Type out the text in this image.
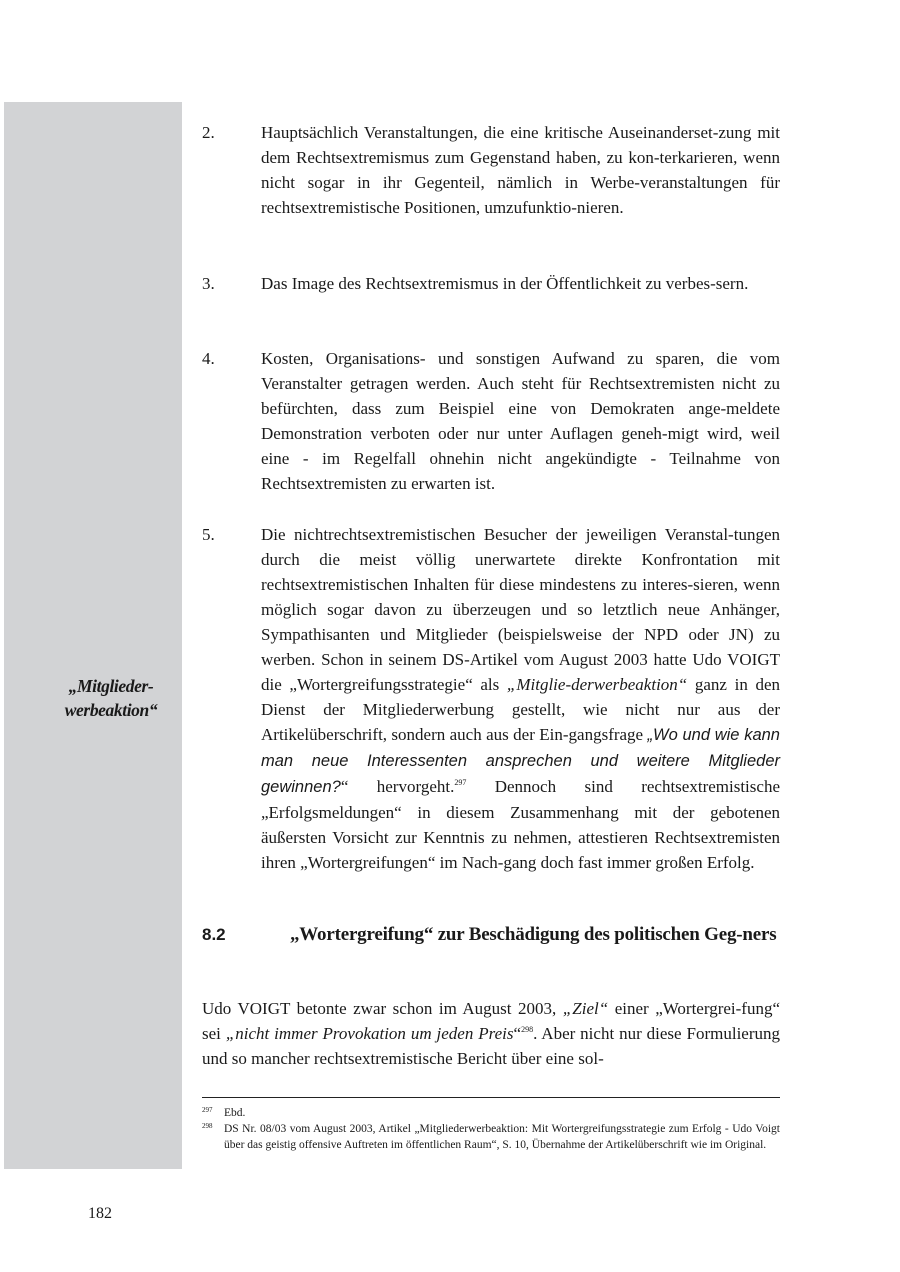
„Mitglieder-
werbeaktion“
2.	Hauptsächlich Veranstaltungen, die eine kritische Auseinanderset-zung mit dem Rechtsextremismus zum Gegenstand haben, zu kon-terkarieren, wenn nicht sogar in ihr Gegenteil, nämlich in Werbe-veranstaltungen für rechtsextremistische Positionen, umzufunktio-nieren.
3.	Das Image des Rechtsextremismus in der Öffentlichkeit zu verbes-sern.
4.	Kosten, Organisations- und sonstigen Aufwand zu sparen, die vom Veranstalter getragen werden. Auch steht für Rechtsextremisten nicht zu befürchten, dass zum Beispiel eine von Demokraten ange-meldete Demonstration verboten oder nur unter Auflagen geneh-migt wird, weil eine - im Regelfall ohnehin nicht angekündigte - Teilnahme von Rechtsextremisten zu erwarten ist.
5.	Die nichtrechtsextremistischen Besucher der jeweiligen Veranstal-tungen durch die meist völlig unerwartete direkte Konfrontation mit rechtsextremistischen Inhalten für diese mindestens zu interes-sieren, wenn möglich sogar davon zu überzeugen und so letztlich neue Anhänger, Sympathisanten und Mitglieder (beispielsweise der NPD oder JN) zu werben. Schon in seinem DS-Artikel vom August 2003 hatte Udo VOIGT die „Wortergreifungsstrategie“ als „Mitglie-derwerbeaktion“ ganz in den Dienst der Mitgliederwerbung gestellt, wie nicht nur aus der Artikelüberschrift, sondern auch aus der Ein-gangsfrage „Wo und wie kann man neue Interessenten ansprechen und weitere Mitglieder gewinnen?“ hervorgeht.$^{297}$ Dennoch sind rechtsextremistische „Erfolgsmeldungen“ in diesem Zusammenhang mit der gebotenen äußersten Vorsicht zur Kenntnis zu nehmen, attestieren Rechtsextremisten ihren „Wortergreifungen“ im Nach-gang doch fast immer großen Erfolg.
8.2	„Wortergreifung“ zur Beschädigung des politischen Geg-ners
Udo VOIGT betonte zwar schon im August 2003, „Ziel“ einer „Wortergrei-fung“ sei „nicht immer Provokation um jeden Preis“$^{298}$. Aber nicht nur diese Formulierung und so mancher rechtsextremistische Bericht über eine sol-
297 Ebd.
298 DS Nr. 08/03 vom August 2003, Artikel „Mitgliederwerbeaktion: Mit Wortergreifungsstrategie zum Erfolg - Udo Voigt über das geistig offensive Auftreten im öffentlichen Raum“, S. 10, Übernahme der Artikelüberschrift wie im Original.
182
